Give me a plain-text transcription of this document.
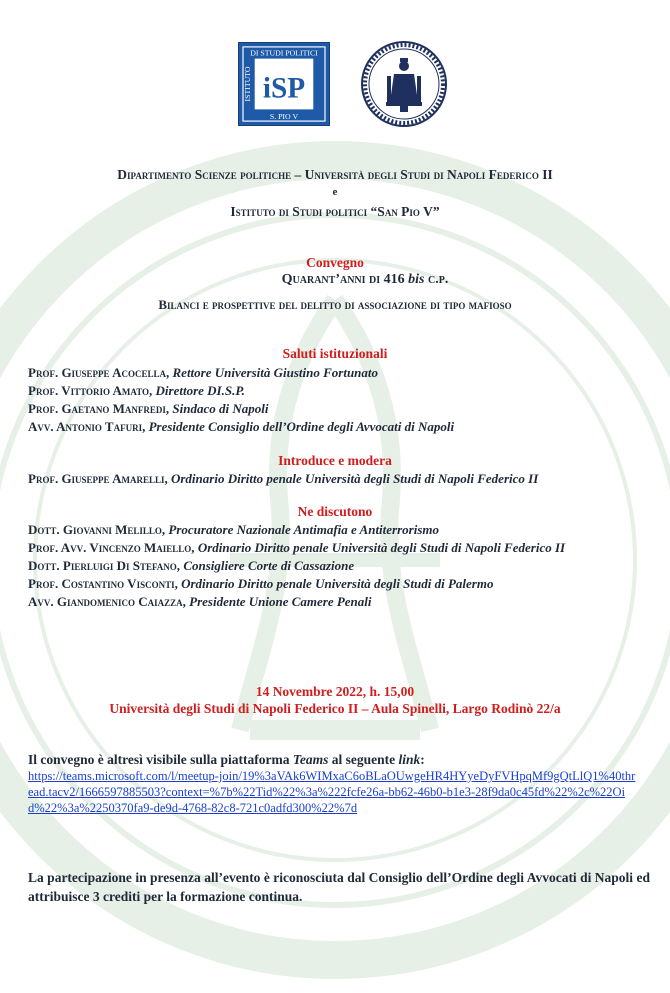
DI STUDI POLITICI
S. PIO V
ISTITUTO iSP
Dipartimento Scienze politiche – Università degli Studi di Napoli Federico II
e
Istituto di Studi politici “San Pio V”
Convegno
Quarant’anni di 416 bis c.p.
Bilanci e prospettive del delitto di associazione di tipo mafioso
Saluti istituzionali
Prof. Giuseppe Acocella, Rettore Università Giustino Fortunato
Prof. Vittorio Amato, Direttore DI.S.P.
Prof. Gaetano Manfredi, Sindaco di Napoli
Avv. Antonio Tafuri, Presidente Consiglio dell’Ordine degli Avvocati di Napoli
Introduce e modera
Prof. Giuseppe Amarelli, Ordinario Diritto penale Università degli Studi di Napoli Federico II
Ne discutono
Dott. Giovanni Melillo, Procuratore Nazionale Antimafia e Antiterrorismo
Prof. Avv. Vincenzo Maiello, Ordinario Diritto penale Università degli Studi di Napoli Federico II
Dott. Pierluigi Di Stefano, Consigliere Corte di Cassazione
Prof. Costantino Visconti, Ordinario Diritto penale Università degli Studi di Palermo
Avv. Giandomenico Caiazza, Presidente Unione Camere Penali
14 Novembre 2022, h. 15,00
Università degli Studi di Napoli Federico II – Aula Spinelli, Largo Rodinò 22/a
Il convegno è altresì visibile sulla piattaforma Teams al seguente link:
https://teams.microsoft.com/l/meetup-join/19%3aVAk6WIMxaC6oBLaOUwgeHR4HYyeDyFVHpqMf9gQtLlQ1%40thread.tacv2/1666597885503?context=%7b%22Tid%22%3a%222fcfe26a-bb62-46b0-b1e3-28f9da0c45fd%22%2c%22Oid%22%3a%2250370fa9-de9d-4768-82c8-721c0adfd300%22%7d
La partecipazione in presenza all’evento è riconosciuta dal Consiglio dell’Ordine degli Avvocati di Napoli ed attribuisce 3 crediti per la formazione continua.
